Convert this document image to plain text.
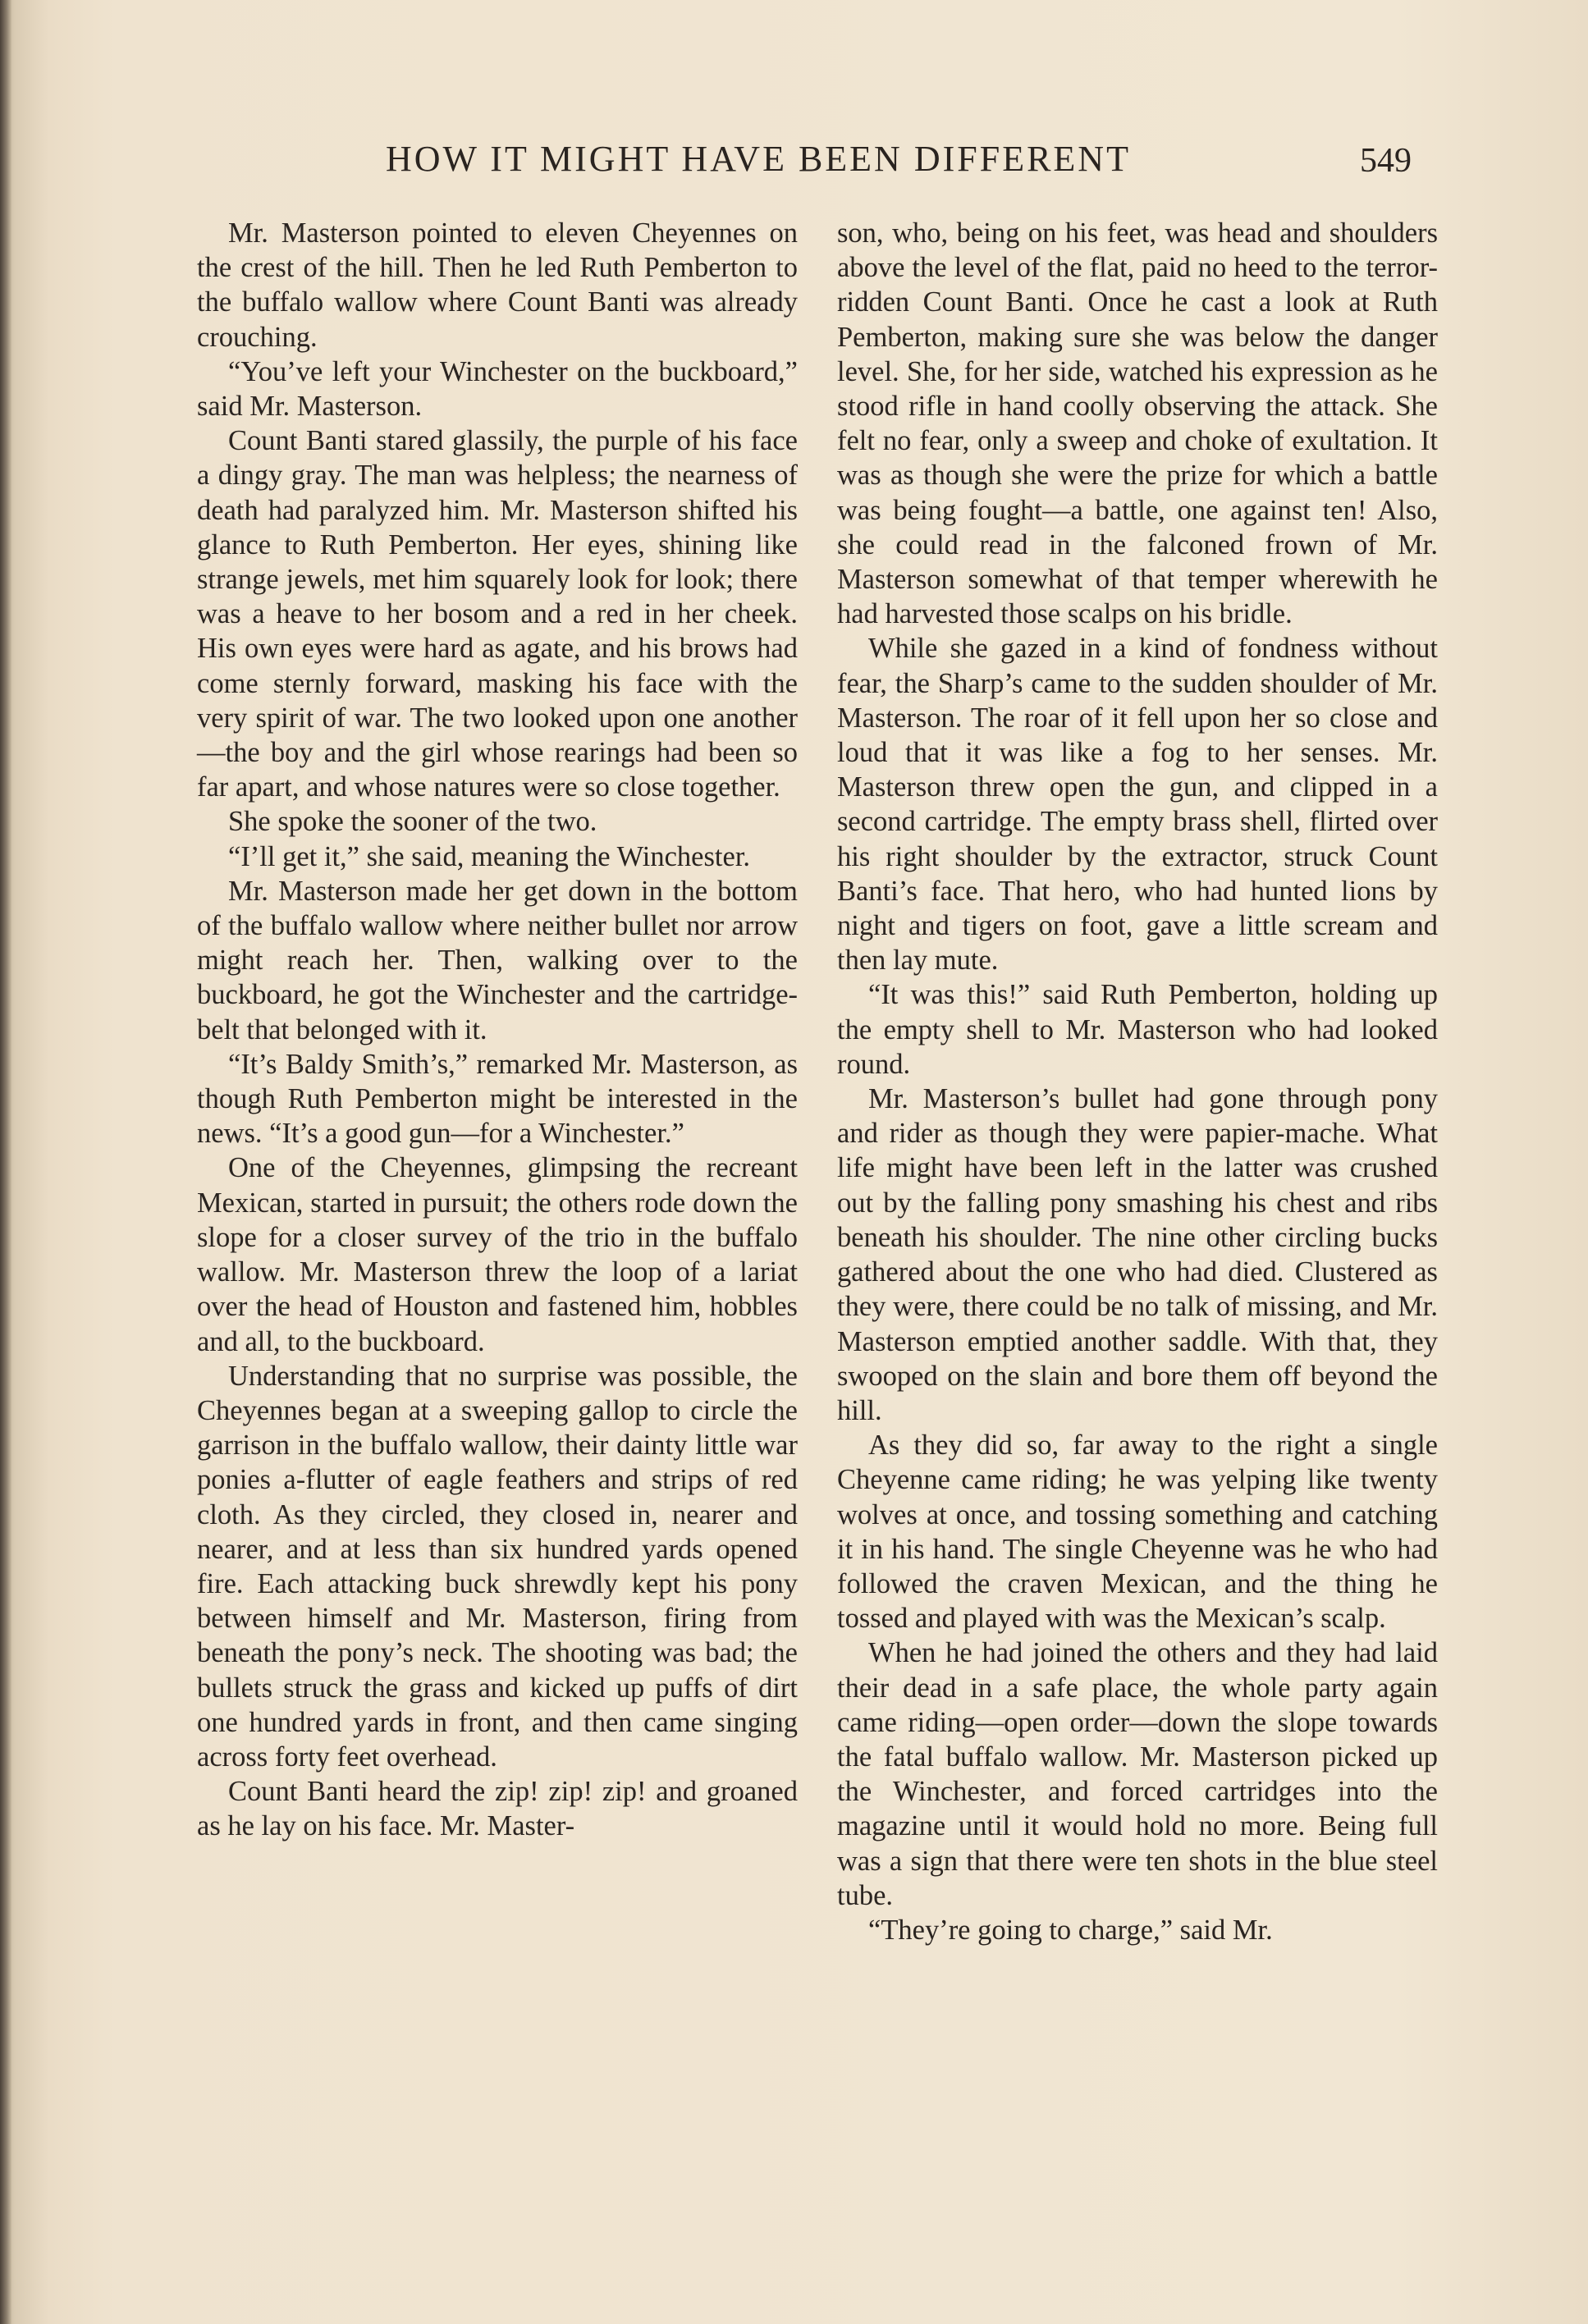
HOW IT MIGHT HAVE BEEN DIFFERENT	549

Mr. Masterson pointed to eleven Cheyennes on the crest of the hill. Then he led Ruth Pemberton to the buffalo wallow where Count Banti was already crouching.

“You’ve left your Winchester on the buckboard,” said Mr. Masterson.

Count Banti stared glassily, the purple of his face a dingy gray. The man was helpless; the nearness of death had paralyzed him. Mr. Masterson shifted his glance to Ruth Pemberton. Her eyes, shining like strange jewels, met him squarely look for look; there was a heave to her bosom and a red in her cheek. His own eyes were hard as agate, and his brows had come sternly forward, masking his face with the very spirit of war. The two looked upon one another—the boy and the girl whose rearings had been so far apart, and whose natures were so close together.

She spoke the sooner of the two.

“I’ll get it,” she said, meaning the Winchester.

Mr. Masterson made her get down in the bottom of the buffalo wallow where neither bullet nor arrow might reach her. Then, walking over to the buckboard, he got the Winchester and the cartridge-belt that belonged with it.

“It’s Baldy Smith’s,” remarked Mr. Masterson, as though Ruth Pemberton might be interested in the news. “It’s a good gun—for a Winchester.”

One of the Cheyennes, glimpsing the recreant Mexican, started in pursuit; the others rode down the slope for a closer survey of the trio in the buffalo wallow. Mr. Masterson threw the loop of a lariat over the head of Houston and fastened him, hobbles and all, to the buckboard.

Understanding that no surprise was possible, the Cheyennes began at a sweeping gallop to circle the garrison in the buffalo wallow, their dainty little war ponies a-flutter of eagle feathers and strips of red cloth. As they circled, they closed in, nearer and nearer, and at less than six hundred yards opened fire. Each attacking buck shrewdly kept his pony between himself and Mr. Masterson, firing from beneath the pony’s neck. The shooting was bad; the bullets struck the grass and kicked up puffs of dirt one hundred yards in front, and then came singing across forty feet overhead.

Count Banti heard the zip! zip! zip! and groaned as he lay on his face. Mr. Master-

son, who, being on his feet, was head and shoulders above the level of the flat, paid no heed to the terror-ridden Count Banti. Once he cast a look at Ruth Pemberton, making sure she was below the danger level. She, for her side, watched his expression as he stood rifle in hand coolly observing the attack. She felt no fear, only a sweep and choke of exultation. It was as though she were the prize for which a battle was being fought—a battle, one against ten! Also, she could read in the falconed frown of Mr. Masterson somewhat of that temper wherewith he had harvested those scalps on his bridle.

While she gazed in a kind of fondness without fear, the Sharp’s came to the sudden shoulder of Mr. Masterson. The roar of it fell upon her so close and loud that it was like a fog to her senses. Mr. Masterson threw open the gun, and clipped in a second cartridge. The empty brass shell, flirted over his right shoulder by the extractor, struck Count Banti’s face. That hero, who had hunted lions by night and tigers on foot, gave a little scream and then lay mute.

“It was this!” said Ruth Pemberton, holding up the empty shell to Mr. Masterson who had looked round.

Mr. Masterson’s bullet had gone through pony and rider as though they were papier-mache. What life might have been left in the latter was crushed out by the falling pony smashing his chest and ribs beneath his shoulder. The nine other circling bucks gathered about the one who had died. Clustered as they were, there could be no talk of missing, and Mr. Masterson emptied another saddle. With that, they swooped on the slain and bore them off beyond the hill.

As they did so, far away to the right a single Cheyenne came riding; he was yelping like twenty wolves at once, and tossing something and catching it in his hand. The single Cheyenne was he who had followed the craven Mexican, and the thing he tossed and played with was the Mexican’s scalp.

When he had joined the others and they had laid their dead in a safe place, the whole party again came riding—open order—down the slope towards the fatal buffalo wallow. Mr. Masterson picked up the Winchester, and forced cartridges into the magazine until it would hold no more. Being full was a sign that there were ten shots in the blue steel tube.

“They’re going to charge,” said Mr.
